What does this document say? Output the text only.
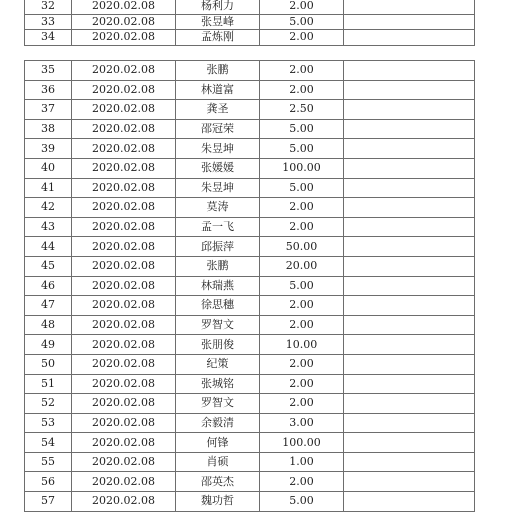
32	2020.02.08	杨利力	2.00	
33	2020.02.08	张昱峰	5.00	
34	2020.02.08	孟炼刚	2.00	
35	2020.02.08	张鹏	2.00	
36	2020.02.08	林道富	2.00	
37	2020.02.08	龚圣	2.50	
38	2020.02.08	邵冠荣	5.00	
39	2020.02.08	朱昱坤	5.00	
40	2020.02.08	张媛媛	100.00	
41	2020.02.08	朱昱坤	5.00	
42	2020.02.08	莫涛	2.00	
43	2020.02.08	孟一飞	2.00	
44	2020.02.08	邱振萍	50.00	
45	2020.02.08	张鹏	20.00	
46	2020.02.08	林瑞燕	5.00	
47	2020.02.08	徐思穗	2.00	
48	2020.02.08	罗智文	2.00	
49	2020.02.08	张朋俊	10.00	
50	2020.02.08	纪策	2.00	
51	2020.02.08	张城铭	2.00	
52	2020.02.08	罗智文	2.00	
53	2020.02.08	余毅清	3.00	
54	2020.02.08	何锋	100.00	
55	2020.02.08	肖硕	1.00	
56	2020.02.08	邵英杰	2.00	
57	2020.02.08	魏功哲	5.00	
